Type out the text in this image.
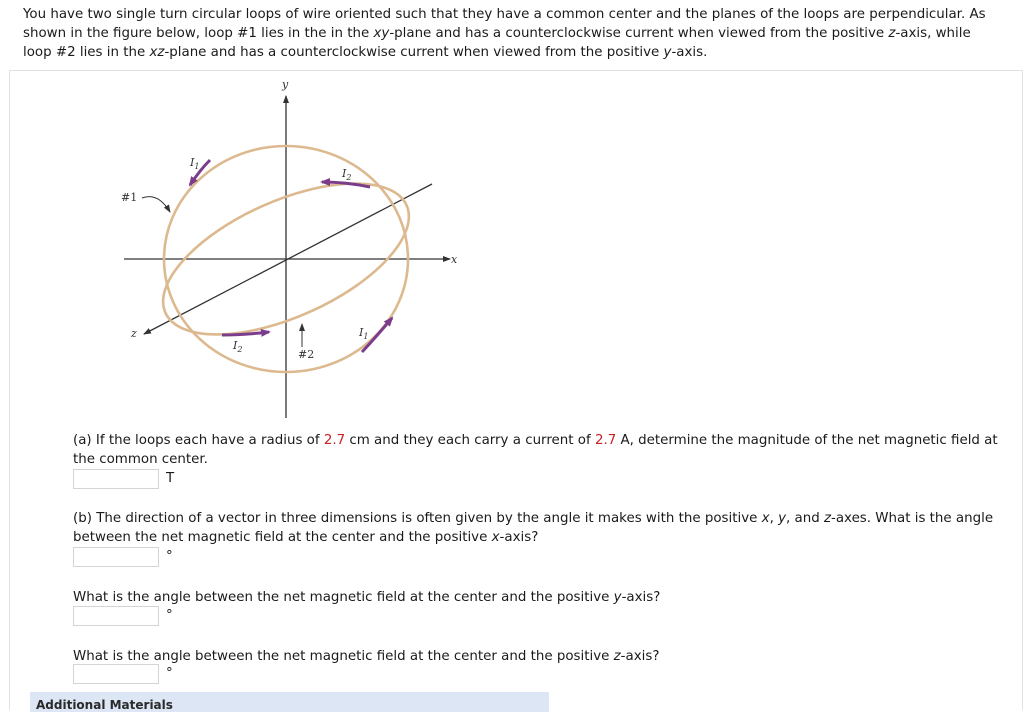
You have two single turn circular loops of wire oriented such that they have a common center and the planes of the loops are perpendicular. As shown in the figure below, loop #1 lies in the in the xy-plane and has a counterclockwise current when viewed from the positive z-axis, while loop #2 lies in the xz-plane and has a counterclockwise current when viewed from the positive y-axis.

y
x
z
#1
#2
$I_1$
$I_2$
$I_2$
$I_1$

(a) If the loops each have a radius of 2.7 cm and they each carry a current of 2.7 A, determine the magnitude of the net magnetic field at the common center.

T

(b) The direction of a vector in three dimensions is often given by the angle it makes with the positive x, y, and z-axes. What is the angle between the net magnetic field at the center and the positive x-axis?

°

What is the angle between the net magnetic field at the center and the positive y-axis?

°

What is the angle between the net magnetic field at the center and the positive z-axis?

°
Additional Materials
